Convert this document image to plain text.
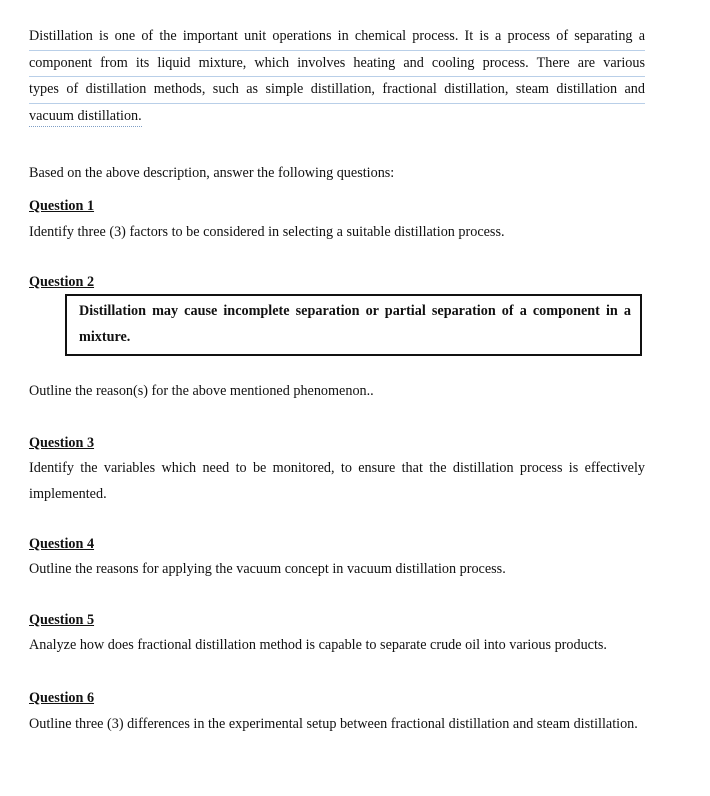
Distillation is one of the important unit operations in chemical process. It is a process of separating a
component from its liquid mixture, which involves heating and cooling process. There are various
types of distillation methods, such as simple distillation, fractional distillation, steam distillation and
vacuum distillation.
Based on the above description, answer the following questions:
Question 1
Identify three (3) factors to be considered in selecting a suitable distillation process.
Question 2
Distillation may cause incomplete separation or partial separation of a component in a mixture.
Outline the reason(s) for the above mentioned phenomenon..
Question 3
Identify the variables which need to be monitored, to ensure that the distillation process is effectively implemented.
Question 4
Outline the reasons for applying the vacuum concept in vacuum distillation process.
Question 5
Analyze how does fractional distillation method is capable to separate crude oil into various products.
Question 6
Outline three (3) differences in the experimental setup between fractional distillation and steam distillation.
